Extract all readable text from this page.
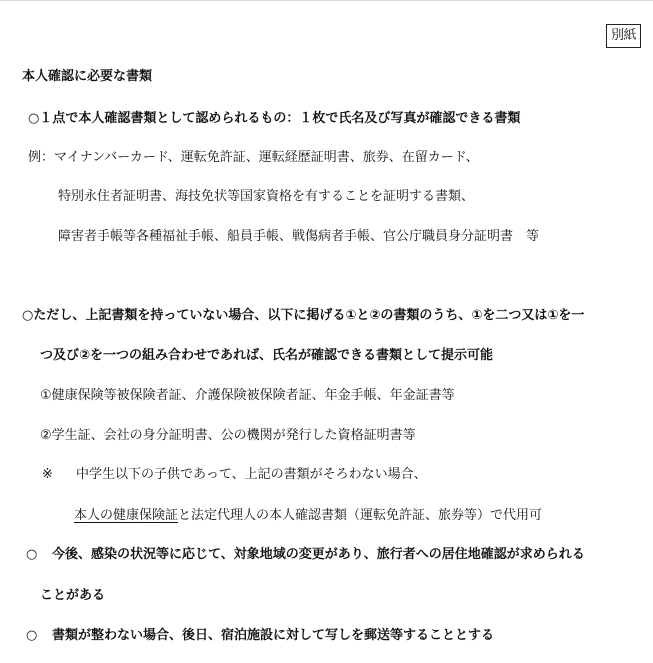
別紙
本人確認に必要な書類
○１点で本人確認書類として認められるもの：１枚で氏名及び写真が確認できる書類
例：マイナンバーカード、運転免許証、運転経歴証明書、旅券、在留カード、
特別永住者証明書、海技免状等国家資格を有することを証明する書類、
障害者手帳等各種福祉手帳、船員手帳、戦傷病者手帳、官公庁職員身分証明書　等
○ただし、上記書類を持っていない場合、以下に掲げる①と②の書類のうち、①を二つ又は①を一
つ及び②を一つの組み合わせであれば、氏名が確認できる書類として提示可能
①健康保険等被保険者証、介護保険被保険者証、年金手帳、年金証書等
②学生証、会社の身分証明書、公の機関が発行した資格証明書等
※ 中学生以下の子供であって、上記の書類がそろわない場合、
本人の健康保険証と法定代理人の本人確認書類（運転免許証、旅券等）で代用可
○ 今後、感染の状況等に応じて、対象地域の変更があり、旅行者への居住地確認が求められる
ことがある
○ 書類が整わない場合、後日、宿泊施設に対して写しを郵送等することとする
